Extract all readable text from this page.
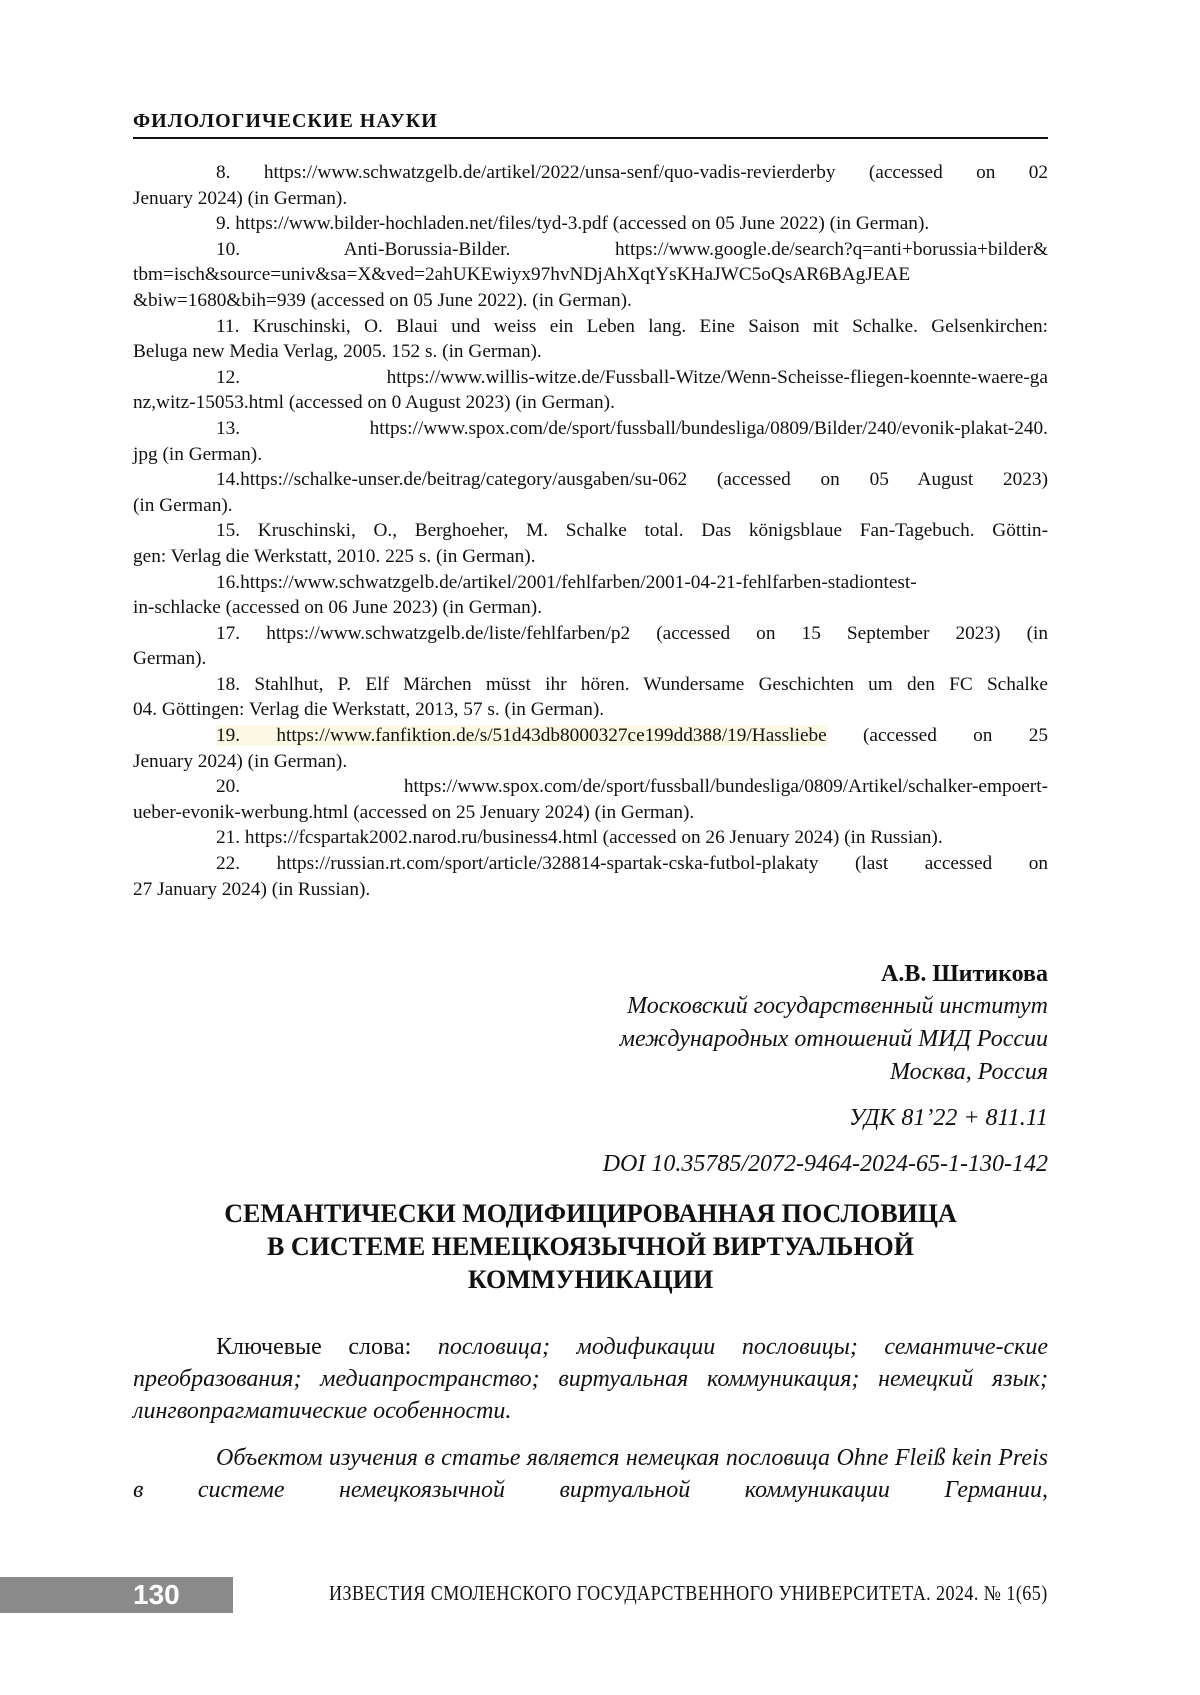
ФИЛОЛОГИЧЕСКИЕ НАУКИ
8. https://www.schwatzgelb.de/artikel/2022/unsa-senf/quo-vadis-revierderby (accessed on 02
Jenuary 2024) (in German).
9. https://www.bilder-hochladen.net/files/tyd-3.pdf (accessed on 05 June 2022) (in German).
10.        Anti-Borussia-Bilder.        https://www.google.de/search?q=anti+borussia+bilder&
tbm=isch&source=univ&sa=X&ved=2ahUKEwiyx97hvNDjAhXqtYsKHaJWC5oQsAR6BAgJEAE
&biw=1680&bih=939 (accessed on 05 June 2022). (in German).
11. Kruschinski, O. Blaui und weiss ein Leben lang. Eine Saison mit Schalke. Gelsenkirchen:
Beluga new Media Verlag, 2005. 152 s. (in German).
12.      https://www.willis-witze.de/Fussball-Witze/Wenn-Scheisse-fliegen-koennte-waere-ga
nz,witz-15053.html (accessed on 0 August 2023) (in German).
13.  https://www.spox.com/de/sport/fussball/bundesliga/0809/Bilder/240/evonik-plakat-240.
jpg (in German).
14.https://schalke-unser.de/beitrag/category/ausgaben/su-062 (accessed on 05 August 2023)
(in German).
15. Kruschinski, O., Berghoeher, M. Schalke total. Das königsblaue Fan-Tagebuch. Göttin-
gen: Verlag die Werkstatt, 2010. 225 s. (in German).
16.https://www.schwatzgelb.de/artikel/2001/fehlfarben/2001-04-21-fehlfarben-stadiontest-
in-schlacke (accessed on 06 June 2023) (in German).
17.  https://www.schwatzgelb.de/liste/fehlfarben/p2  (accessed  on  15  September  2023)  (in
German).
18. Stahlhut, P. Elf Märchen müsst ihr hören. Wundersame Geschichten um den FC Schalke
04. Göttingen: Verlag die Werkstatt, 2013, 57 s. (in German).
19. https://www.fanfiktion.de/s/51d43db8000327ce199dd388/19/Hassliebe (accessed on 25
Jenuary 2024) (in German).
20.         https://www.spox.com/de/sport/fussball/bundesliga/0809/Artikel/schalker-empoert-
ueber-evonik-werbung.html (accessed on 25 Jenuary 2024) (in German).
21. https://fcspartak2002.narod.ru/business4.html (accessed on 26 Jenuary 2024) (in Russian).
22.  https://russian.rt.com/sport/article/328814-spartak-cska-futbol-plakaty  (last  accessed  on
27 January 2024) (in Russian).
А.В. Шитикова
Московский государственный институт
международных отношений МИД России
Москва, Россия
УДК 81’22 + 811.11
DOI 10.35785/2072-9464-2024-65-1-130-142
СЕМАНТИЧЕСКИ МОДИФИЦИРОВАННАЯ ПОСЛОВИЦА
В СИСТЕМЕ НЕМЕЦКОЯЗЫЧНОЙ ВИРТУАЛЬНОЙ
КОММУНИКАЦИИ
Ключевые слова: пословица; модификации пословицы; семантиче-ские преобразования; медиапространство; виртуальная коммуникация; немецкий язык; лингвопрагматические особенности.
Объектом изучения в статье является немецкая пословица Ohne Fleiß kein Preis в системе немецкоязычной виртуальной коммуникации Германии,
130	ИЗВЕСТИЯ СМОЛЕНСКОГО ГОСУДАРСТВЕННОГО УНИВЕРСИТЕТА. 2024. № 1(65)
